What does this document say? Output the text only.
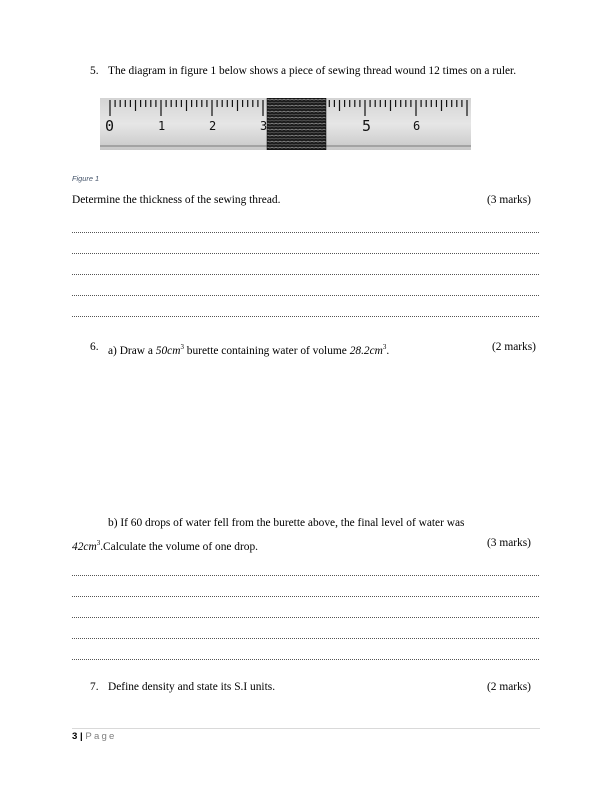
5. The diagram in figure 1 below shows a piece of sewing thread wound 12 times on a ruler.
0	1	2	3	5	6
Figure 1
Determine the thickness of the sewing thread.	(3 marks)
6. a) Draw a $50cm^3$ burette containing water of volume $28.2cm^3$.	(2 marks)
b) If 60 drops of water fell from the burette above, the final level of water was
$42cm^3.Calculate$ the volume of one drop.	(3 marks)
7. Define density and state its S.I units.	(2 marks)
3 | Page
